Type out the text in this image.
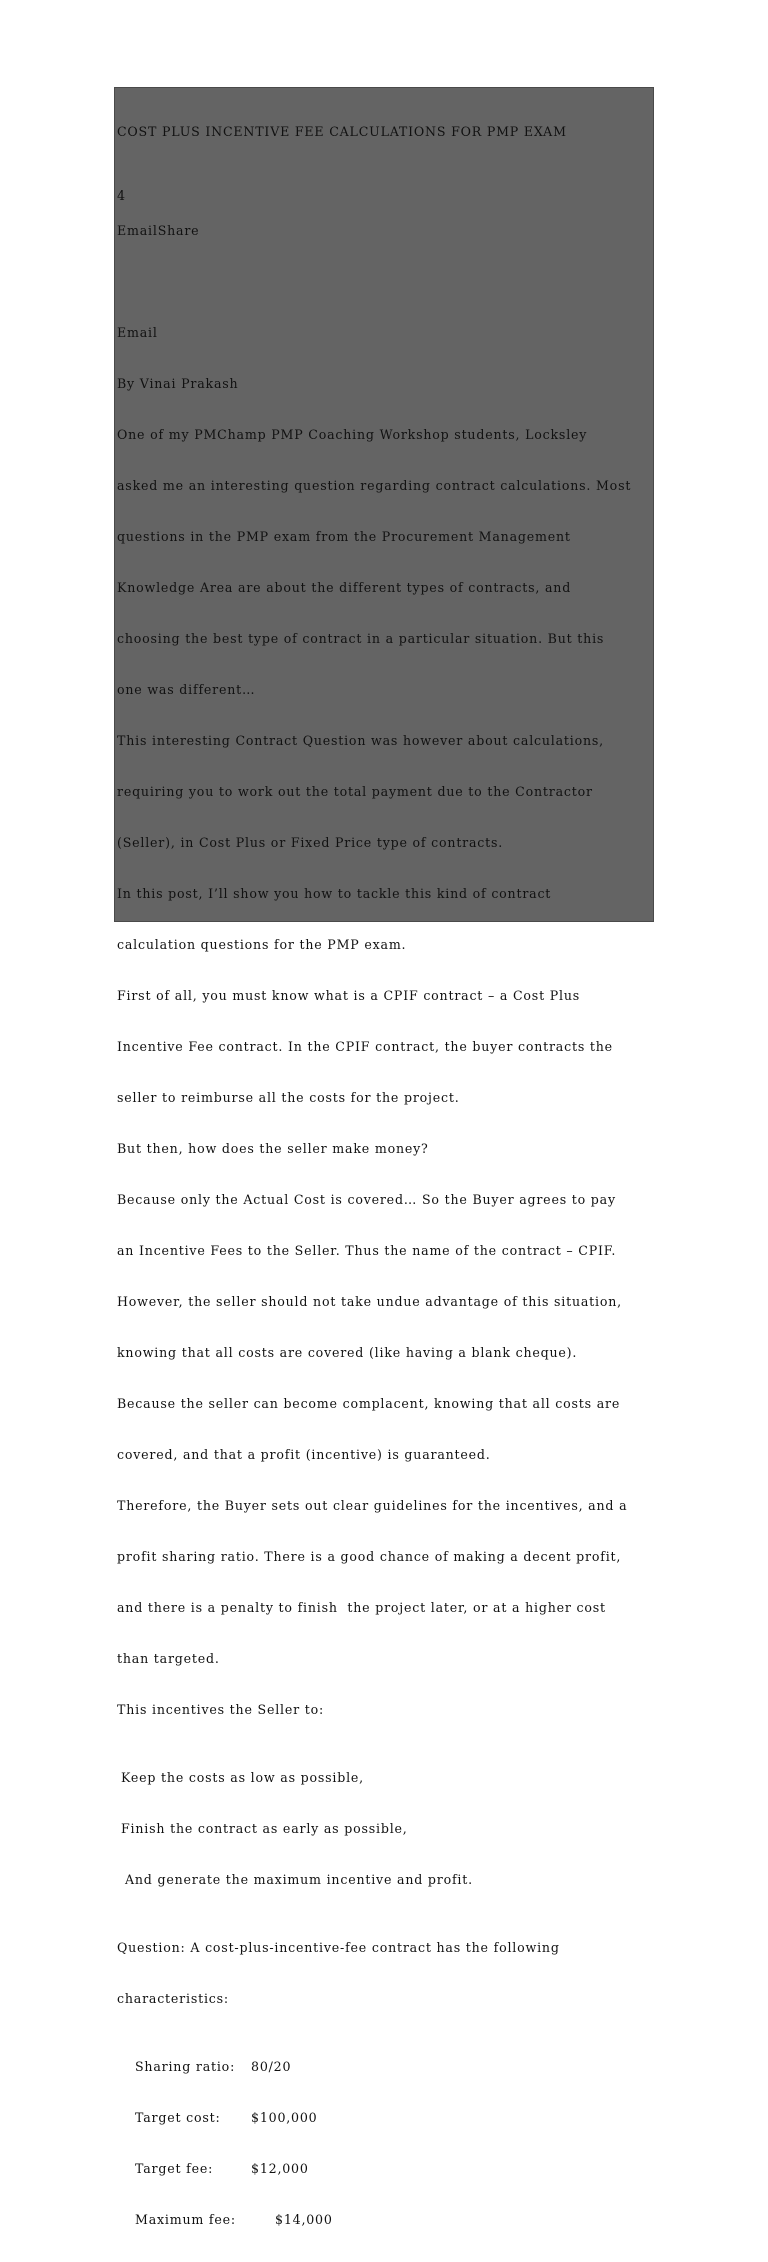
COST PLUS INCENTIVE FEE CALCULATIONS FOR PMP EXAM
4
EmailShare

Email

By Vinai Prakash

One of my PMChamp PMP Coaching Workshop students, Locksley

asked me an interesting question regarding contract calculations. Most

questions in the PMP exam from the Procurement Management

Knowledge Area are about the different types of contracts, and

choosing the best type of contract in a particular situation. But this

one was different…

This interesting Contract Question was however about calculations,

requiring you to work out the total payment due to the Contractor

(Seller), in Cost Plus or Fixed Price type of contracts.

In this post, I’ll show you how to tackle this kind of contract

calculation questions for the PMP exam.

First of all, you must know what is a CPIF contract – a Cost Plus

Incentive Fee contract. In the CPIF contract, the buyer contracts the

seller to reimburse all the costs for the project.

But then, how does the seller make money?

Because only the Actual Cost is covered… So the Buyer agrees to pay

an Incentive Fees to the Seller. Thus the name of the contract – CPIF.

However, the seller should not take undue advantage of this situation,

knowing that all costs are covered (like having a blank cheque).

Because the seller can become complacent, knowing that all costs are

covered, and that a profit (incentive) is guaranteed.

Therefore, the Buyer sets out clear guidelines for the incentives, and a

profit sharing ratio. There is a good chance of making a decent profit,

and there is a penalty to finish  the project later, or at a higher cost

than targeted.

This incentives the Seller to:

Keep the costs as low as possible,

Finish the contract as early as possible,

And generate the maximum incentive and profit.

Question: A cost-plus-incentive-fee contract has the following

characteristics:

Sharing ratio: 80/20

Target cost: $100,000

Target fee:	$12,000

Maximum fee:	$14,000
